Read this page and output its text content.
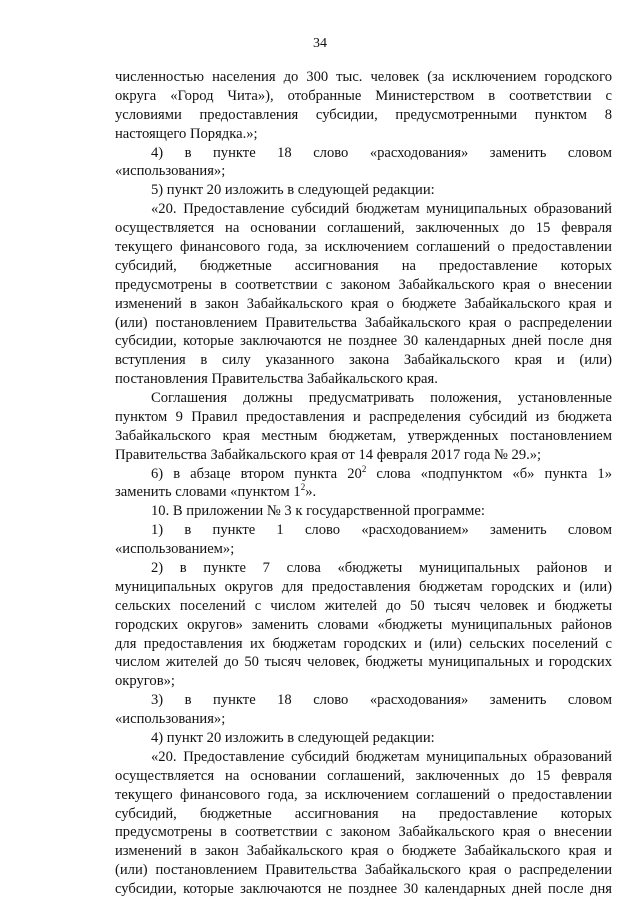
34
численностью населения до 300 тыс. человек (за исключением городского
округа «Город Чита»), отобранные Министерством в соответствии с
условиями предоставления субсидии, предусмотренными пунктом 8
настоящего Порядка.»;
4) в пункте 18 слово «расходования» заменить словом
«использования»;
5) пункт 20 изложить в следующей редакции:
«20. Предоставление субсидий бюджетам муниципальных образований
осуществляется на основании соглашений, заключенных до 15 февраля
текущего финансового года, за исключением соглашений о предоставлении
субсидий, бюджетные ассигнования на предоставление которых
предусмотрены в соответствии с законом Забайкальского края о внесении
изменений в закон Забайкальского края о бюджете Забайкальского края и
(или) постановлением Правительства Забайкальского края о распределении
субсидии, которые заключаются не позднее 30 календарных дней после дня
вступления в силу указанного закона Забайкальского края и (или)
постановления Правительства Забайкальского края.
Соглашения должны предусматривать положения, установленные
пунктом 9 Правил предоставления и распределения субсидий из бюджета
Забайкальского края местным бюджетам, утвержденных постановлением
Правительства Забайкальского края от 14 февраля 2017 года № 29.»;
6) в абзаце втором пункта $20^2$ слова «подпунктом «б» пункта 1»
заменить словами «пунктом $1^2$».
10. В приложении № 3 к государственной программе:
1) в пункте 1 слово «расходованием» заменить словом
«использованием»;
2) в пункте 7 слова «бюджеты муниципальных районов и
муниципальных округов для предоставления бюджетам городских и (или)
сельских поселений с числом жителей до 50 тысяч человек и бюджеты
городских округов» заменить словами «бюджеты муниципальных районов
для предоставления их бюджетам городских и (или) сельских поселений с
числом жителей до 50 тысяч человек, бюджеты муниципальных и городских
округов»;
3) в пункте 18 слово «расходования» заменить словом
«использования»;
4) пункт 20 изложить в следующей редакции:
«20. Предоставление субсидий бюджетам муниципальных образований
осуществляется на основании соглашений, заключенных до 15 февраля
текущего финансового года, за исключением соглашений о предоставлении
субсидий, бюджетные ассигнования на предоставление которых
предусмотрены в соответствии с законом Забайкальского края о внесении
изменений в закон Забайкальского края о бюджете Забайкальского края и
(или) постановлением Правительства Забайкальского края о распределении
субсидии, которые заключаются не позднее 30 календарных дней после дня
